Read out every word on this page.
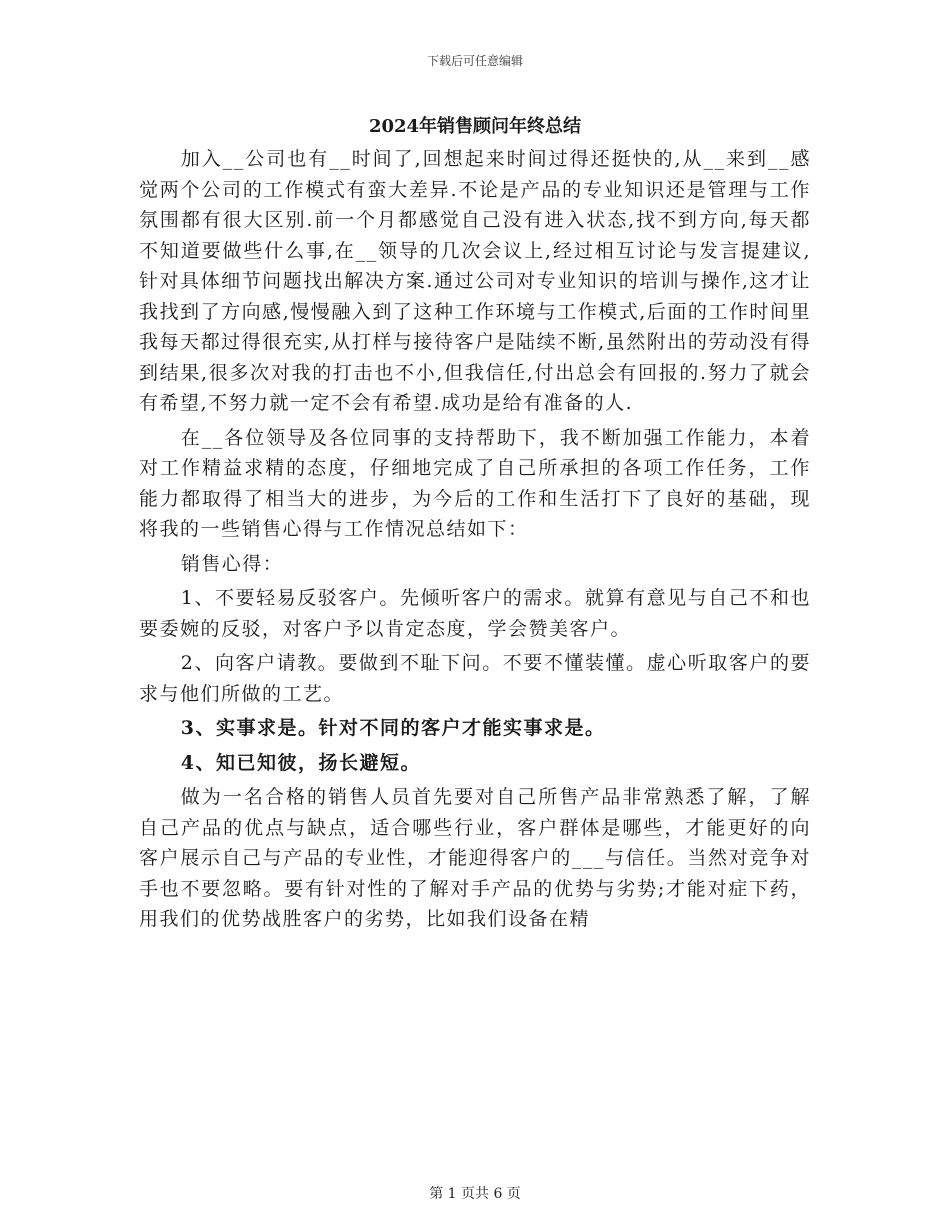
下载后可任意编辑
2024年销售顾问年终总结

加入__公司也有__时间了,回想起来时间过得还挺快的,从__来到__感觉两个公司的工作模式有蛮大差异.不论是产品的专业知识还是管理与工作氛围都有很大区别.前一个月都感觉自己没有进入状态,找不到方向,每天都不知道要做些什么事,在__领导的几次会议上,经过相互讨论与发言提建议,针对具体细节问题找出解决方案.通过公司对专业知识的培训与操作,这才让我找到了方向感,慢慢融入到了这种工作环境与工作模式,后面的工作时间里我每天都过得很充实,从打样与接待客户是陆续不断,虽然附出的劳动没有得到结果,很多次对我的打击也不小,但我信任,付出总会有回报的.努力了就会有希望,不努力就一定不会有希望.成功是给有准备的人.

在__各位领导及各位同事的支持帮助下，我不断加强工作能力，本着对工作精益求精的态度，仔细地完成了自己所承担的各项工作任务，工作能力都取得了相当大的进步，为今后的工作和生活打下了良好的基础，现将我的一些销售心得与工作情况总结如下：

销售心得：

1、不要轻易反驳客户。先倾听客户的需求。就算有意见与自己不和也要委婉的反驳，对客户予以肯定态度，学会赞美客户。

2、向客户请教。要做到不耻下问。不要不懂装懂。虚心听取客户的要求与他们所做的工艺。

3、实事求是。针对不同的客户才能实事求是。

4、知已知彼，扬长避短。

做为一名合格的销售人员首先要对自己所售产品非常熟悉了解，了解自己产品的优点与缺点，适合哪些行业，客户群体是哪些，才能更好的向客户展示自己与产品的专业性，才能迎得客户的___与信任。当然对竞争对手也不要忽略。要有针对性的了解对手产品的优势与劣势;才能对症下药，用我们的优势战胜客户的劣势，比如我们设备在精

第 1 页共 6 页
